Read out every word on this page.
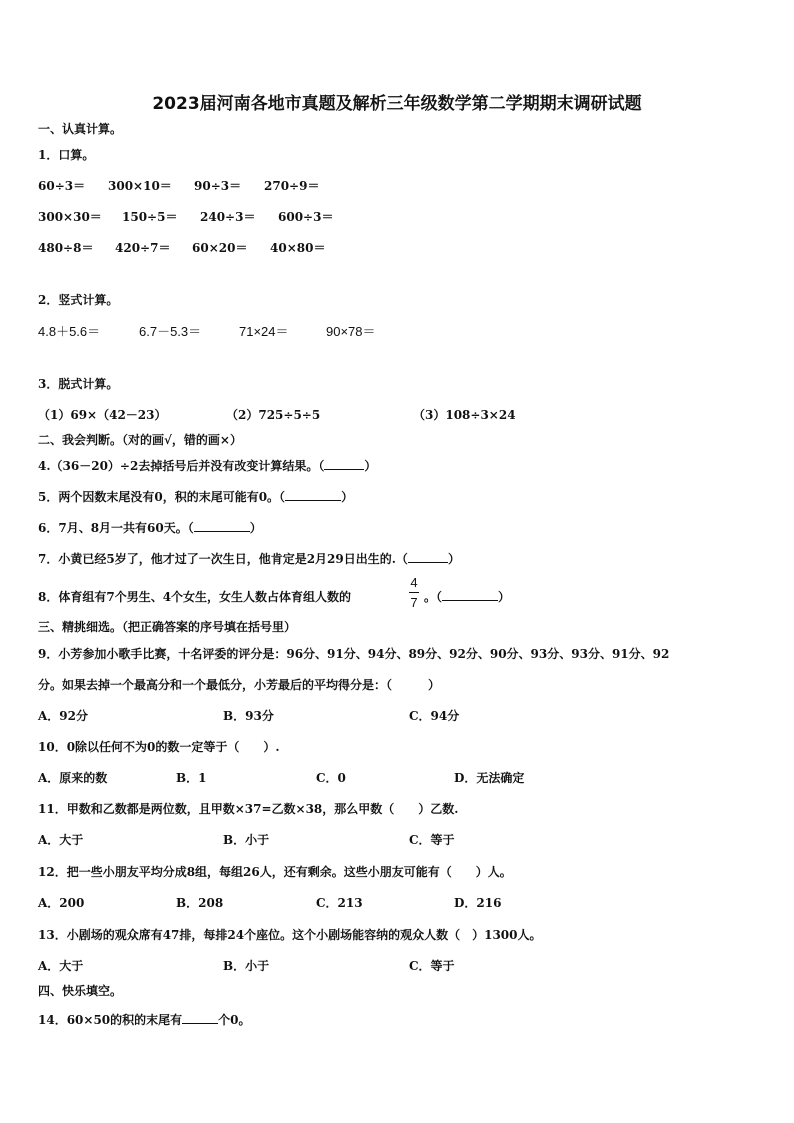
2023届河南各地市真题及解析三年级数学第二学期期末调研试题
一、认真计算。
1．口算。
60÷3＝ 300×10＝ 90÷3＝ 270÷9＝
300×30＝ 150÷5＝ 240÷3＝ 600÷3＝
480÷8＝ 420÷7＝ 60×20＝ 40×80＝
2．竖式计算。
4.8＋5.6＝	6.7－5.3＝	71×24＝	90×78＝
3．脱式计算。
（1）69×（42－23）	（2）725÷5÷5	（3）108÷3×24
二、我会判断。（对的画√，错的画×）
4.（36－20）÷2去掉括号后并没有改变计算结果。（	）
5．两个因数末尾没有0，积的末尾可能有0。（	）
6．7月、8月一共有60天。（	）
7．小黄已经5岁了，他才过了一次生日，他肯定是2月29日出生的.（	）
8．体育组有7个男生、4个女生，女生人数占体育组人数的
4
7 。（	）
三、精挑细选。（把正确答案的序号填在括号里）
9．小芳参加小歌手比赛，十名评委的评分是：96分、91分、94分、89分、92分、90分、93分、93分、91分、92
分。如果去掉一个最高分和一个最低分，小芳最后的平均得分是：（　　　）
A．92分	B．93分	C．94分
10．0除以任何不为0的数一定等于（　　）.
A．原来的数	B．1	C．0	D．无法确定
11．甲数和乙数都是两位数，且甲数×37=乙数×38，那么甲数（　　）乙数.
A．大于	B．小于	C．等于
12．把一些小朋友平均分成8组，每组26人，还有剩余。这些小朋友可能有（　　）人。
A．200	B．208	C．213	D．216
13．小剧场的观众席有47排，每排24个座位。这个小剧场能容纳的观众人数（　）1300人。
A．大于	B．小于	C．等于
四、快乐填空。
14．60×50的积的末尾有	个0。
